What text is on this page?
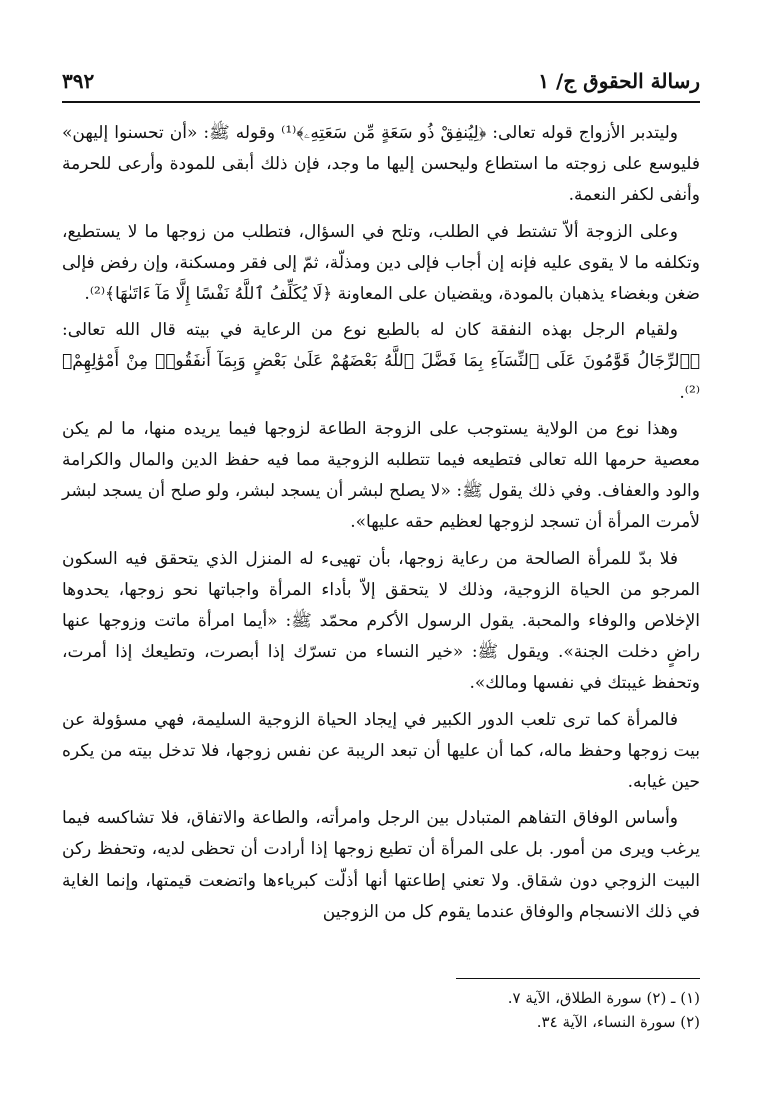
رسالة الحقوق ج/ ١
٣٩٢

وليتدبر الأزواج قوله تعالى: ﴿لِيُنفِقْ ذُو سَعَةٍ مِّن سَعَتِهِۦ﴾⁽¹⁾ وقوله ﷺ: «أن تحسنوا إليهن» فليوسع على زوجته ما استطاع وليحسن إليها ما وجد، فإن ذلك أبقى للمودة وأرعى للحرمة وأنفى لكفر النعمة.

وعلى الزوجة ألاّ تشتط في الطلب، وتلح في السؤال، فتطلب من زوجها ما لا يستطيع، وتكلفه ما لا يقوى عليه فإنه إن أجاب فإلى دين ومذلّة، ثمّ إلى فقر ومسكنة، وإن رفض فإلى ضغن وبغضاء يذهبان بالمودة، ويقضيان على المعاونة ﴿لَا يُكَلِّفُ ٱللَّهُ نَفْسًا إِلَّا مَآ ءَاتَىٰهَا﴾⁽²⁾.

ولقيام الرجل بهذه النفقة كان له بالطبع نوع من الرعاية في بيته قال الله تعالى: ﴿ٱلرِّجَالُ قَوَّٰمُونَ عَلَى ٱلنِّسَآءِ بِمَا فَضَّلَ ٱللَّهُ بَعْضَهُمْ عَلَىٰ بَعْضٍ وَبِمَآ أَنفَقُوا۟ مِنْ أَمْوَٰلِهِمْ﴾⁽²⁾.

وهذا نوع من الولاية يستوجب على الزوجة الطاعة لزوجها فيما يريده منها، ما لم يكن معصية حرمها الله تعالى فتطيعه فيما تتطلبه الزوجية مما فيه حفظ الدين والمال والكرامة والود والعفاف. وفي ذلك يقول ﷺ: «لا يصلح لبشر أن يسجد لبشر، ولو صلح أن يسجد لبشر لأمرت المرأة أن تسجد لزوجها لعظيم حقه عليها».

فلا بدّ للمرأة الصالحة من رعاية زوجها، بأن تهيىء له المنزل الذي يتحقق فيه السكون المرجو من الحياة الزوجية، وذلك لا يتحقق إلاّ بأداء المرأة واجباتها نحو زوجها، يحدوها الإخلاص والوفاء والمحبة. يقول الرسول الأكرم محمّد ﷺ: «أيما امرأة ماتت وزوجها عنها راضٍ دخلت الجنة». ويقول ﷺ: «خير النساء من تسرّك إذا أبصرت، وتطيعك إذا أمرت، وتحفظ غيبتك في نفسها ومالك».

فالمرأة كما ترى تلعب الدور الكبير في إيجاد الحياة الزوجية السليمة، فهي مسؤولة عن بيت زوجها وحفظ ماله، كما أن عليها أن تبعد الريبة عن نفس زوجها، فلا تدخل بيته من يكره حين غيابه.

وأساس الوفاق التفاهم المتبادل بين الرجل وامرأته، والطاعة والاتفاق، فلا تشاكسه فيما يرغب ويرى من أمور. بل على المرأة أن تطيع زوجها إذا أرادت أن تحظى لديه، وتحفظ ركن البيت الزوجي دون شقاق. ولا تعني إطاعتها أنها أذلّت كبرياءها واتضعت قيمتها، وإنما الغاية في ذلك الانسجام والوفاق عندما يقوم كل من الزوجين

(١) ـ (٢) سورة الطلاق، الآية ٧.

(٢) سورة النساء، الآية ٣٤.
